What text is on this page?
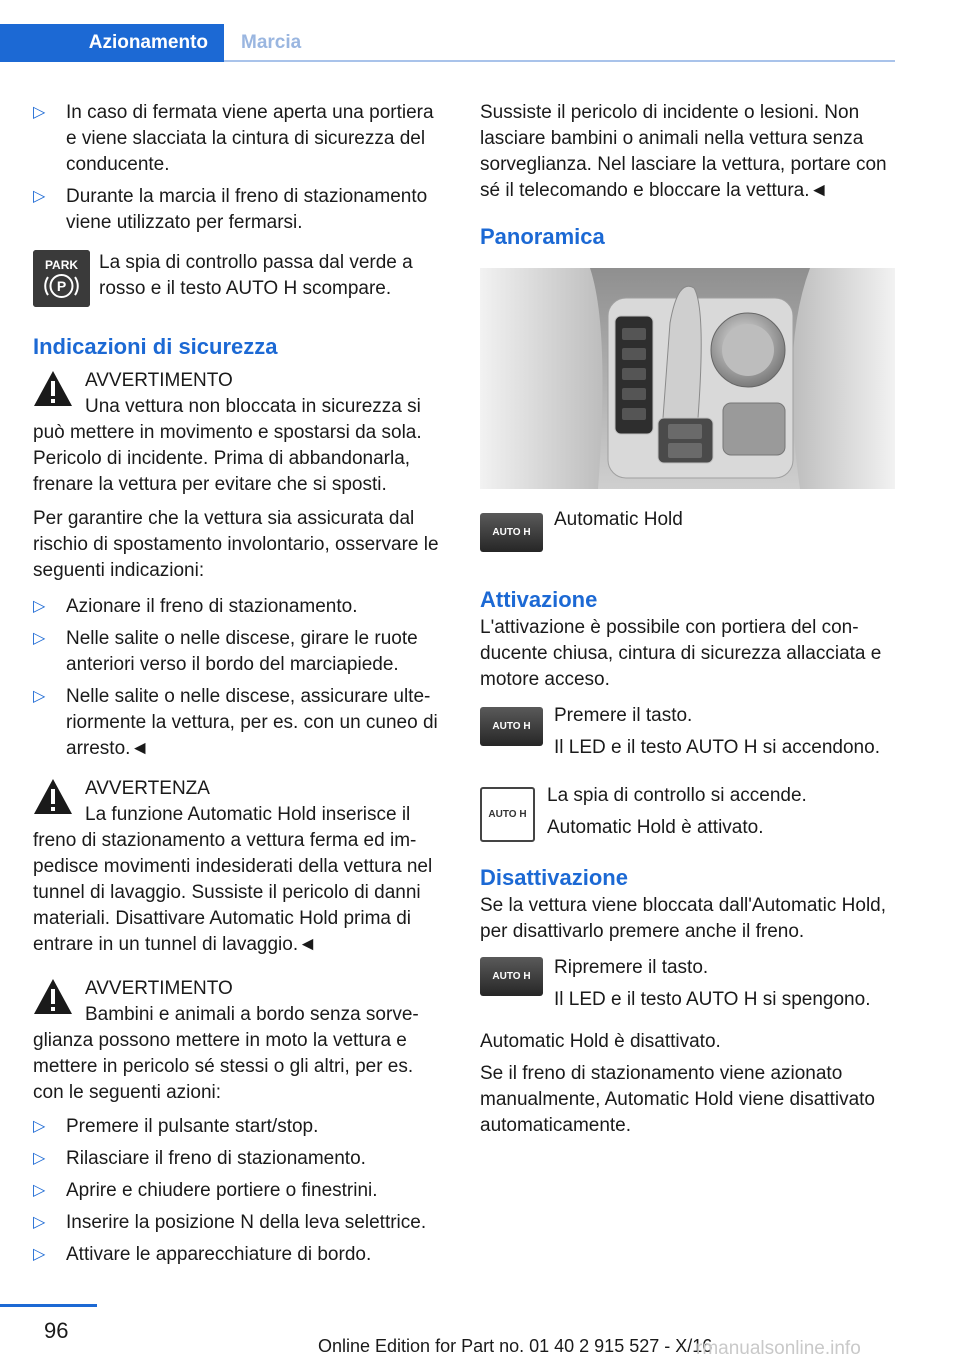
Azionamento	Marcia
▷ In caso di fermata viene aperta una portiera e viene slacciata la cintura di sicurezza del conducente.
▷ Durante la marcia il freno di stazionamento viene utilizzato per fermarsi.
PARK
P
La spia di controllo passa dal verde a rosso e il testo AUTO H scompare.
Indicazioni di sicurezza
AVVERTIMENTO
Una vettura non bloccata in sicurezza si può mettere in movimento e spostarsi da sola. Pericolo di incidente. Prima di abbandonarla, frenare la vettura per evitare che si sposti.
Per garantire che la vettura sia assicurata dal rischio di spostamento involontario, osservare le seguenti indicazioni:
▷ Azionare il freno di stazionamento.
▷ Nelle salite o nelle discese, girare le ruote anteriori verso il bordo del marciapiede.
▷ Nelle salite o nelle discese, assicurare ulteriormente la vettura, per es. con un cuneo di arresto.◄
AVVERTENZA
La funzione Automatic Hold inserisce il freno di stazionamento a vettura ferma ed impedisce movimenti indesiderati della vettura nel tunnel di lavaggio. Sussiste il pericolo di danni materiali. Disattivare Automatic Hold prima di entrare in un tunnel di lavaggio.◄
AVVERTIMENTO
Bambini e animali a bordo senza sorveglianza possono mettere in moto la vettura e mettere in pericolo sé stessi o gli altri, per es. con le seguenti azioni:
▷ Premere il pulsante start/stop.
▷ Rilasciare il freno di stazionamento.
▷ Aprire e chiudere portiere o finestrini.
▷ Inserire la posizione N della leva selettrice.
▷ Attivare le apparecchiature di bordo.
Sussiste il pericolo di incidente o lesioni. Non lasciare bambini o animali nella vettura senza sorveglianza. Nel lasciare la vettura, portare con sé il telecomando e bloccare la vettura.◄
Panoramica
AUTO H
Automatic Hold
Attivazione
L'attivazione è possibile con portiera del conducente chiusa, cintura di sicurezza allacciata e motore acceso.
AUTO H
Premere il tasto.
Il LED e il testo AUTO H si accendono.
AUTO H
La spia di controllo si accende.
Automatic Hold è attivato.
Disattivazione
Se la vettura viene bloccata dall'Automatic Hold, per disattivarlo premere anche il freno.
AUTO H	Ripremere il tasto.
Il LED e il testo AUTO H si spengono.
Automatic Hold è disattivato.
Se il freno di stazionamento viene azionato manualmente, Automatic Hold viene disattivato automaticamente.
96
Online Edition for Part no. 01 40 2 915 527 - X/16
rmanualsonline.info
